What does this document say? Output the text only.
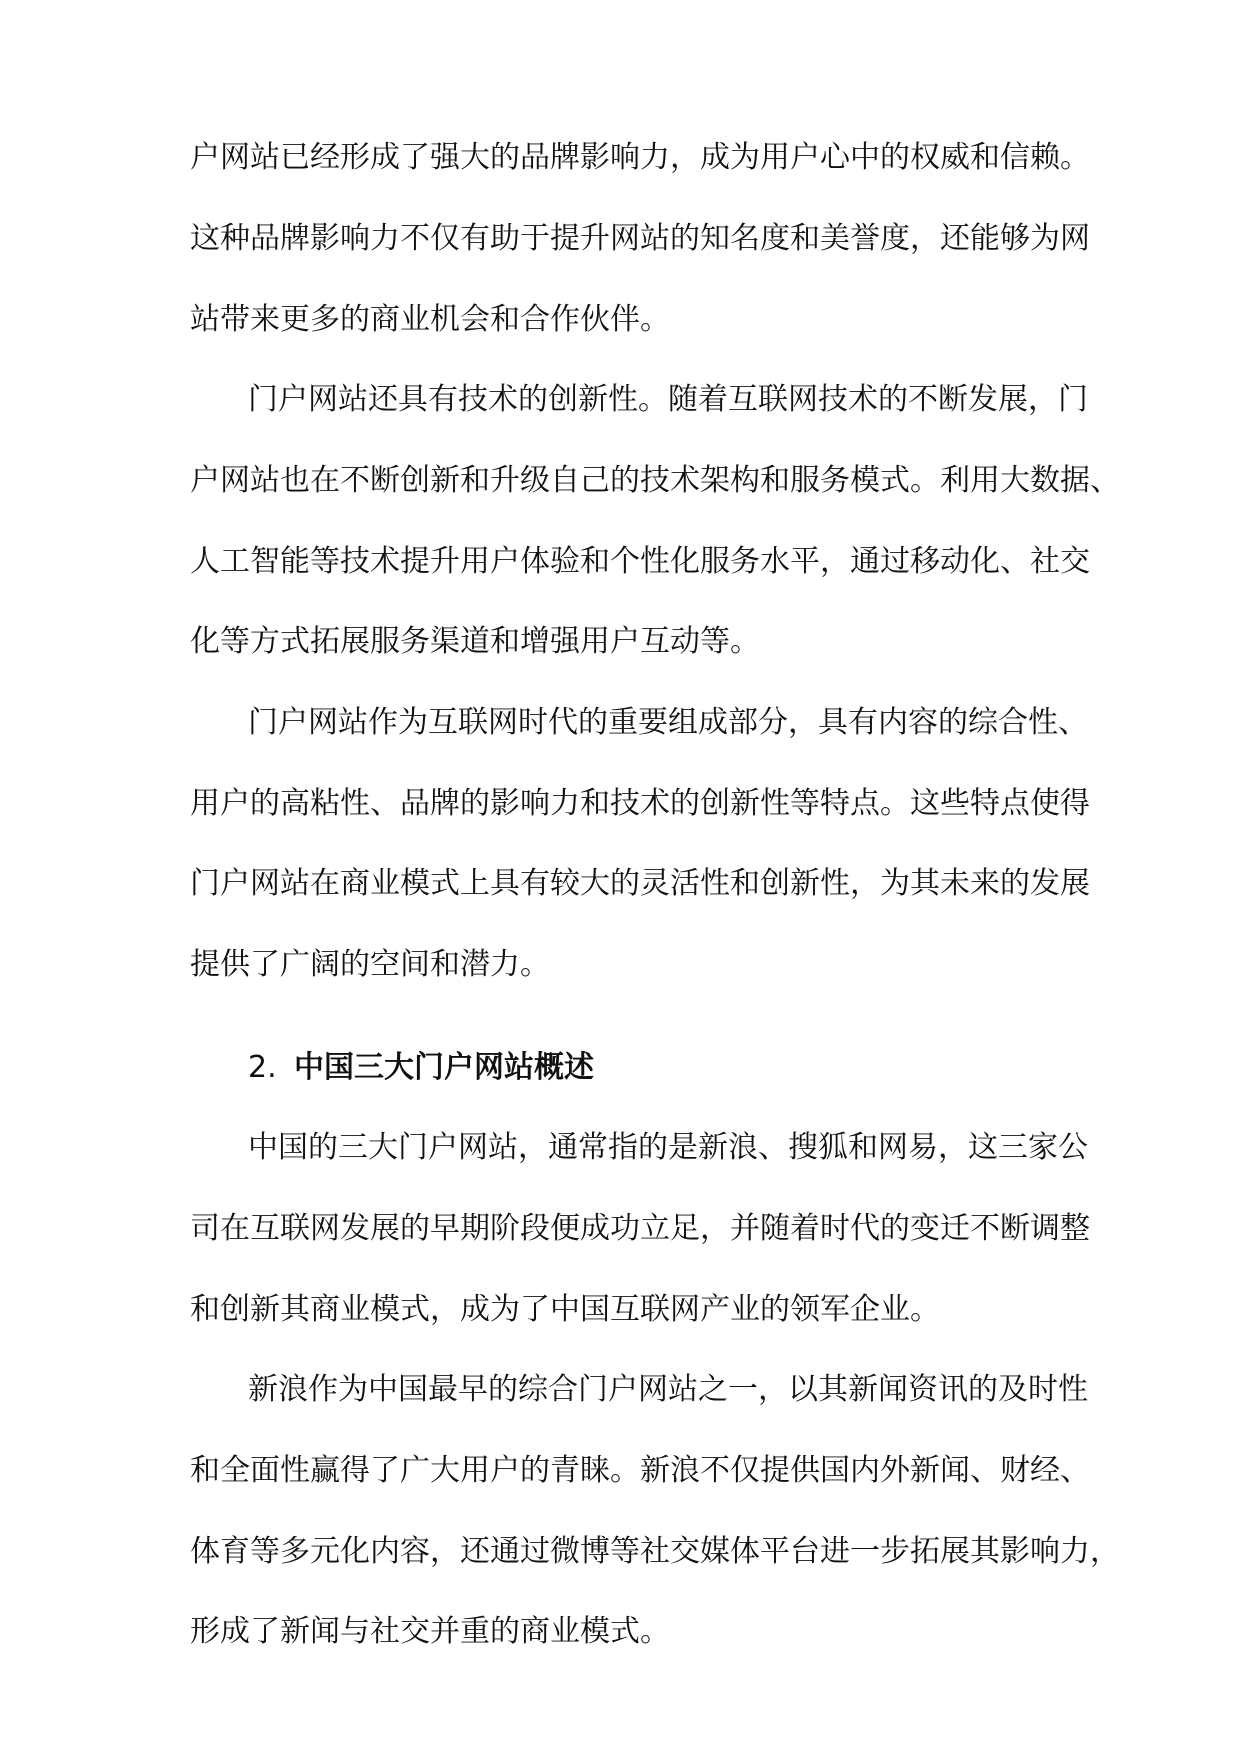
户网站已经形成了强大的品牌影响力，成为用户心中的权威和信赖。
这种品牌影响力不仅有助于提升网站的知名度和美誉度，还能够为网
站带来更多的商业机会和合作伙伴。
门户网站还具有技术的创新性。随着互联网技术的不断发展，门
户网站也在不断创新和升级自己的技术架构和服务模式。利用大数据、
人工智能等技术提升用户体验和个性化服务水平，通过移动化、社交
化等方式拓展服务渠道和增强用户互动等。
门户网站作为互联网时代的重要组成部分，具有内容的综合性、
用户的高粘性、品牌的影响力和技术的创新性等特点。这些特点使得
门户网站在商业模式上具有较大的灵活性和创新性，为其未来的发展
提供了广阔的空间和潜力。
2. 中国三大门户网站概述
中国的三大门户网站，通常指的是新浪、搜狐和网易，这三家公
司在互联网发展的早期阶段便成功立足，并随着时代的变迁不断调整
和创新其商业模式，成为了中国互联网产业的领军企业。
新浪作为中国最早的综合门户网站之一，以其新闻资讯的及时性
和全面性赢得了广大用户的青睐。新浪不仅提供国内外新闻、财经、
体育等多元化内容，还通过微博等社交媒体平台进一步拓展其影响力，
形成了新闻与社交并重的商业模式。
